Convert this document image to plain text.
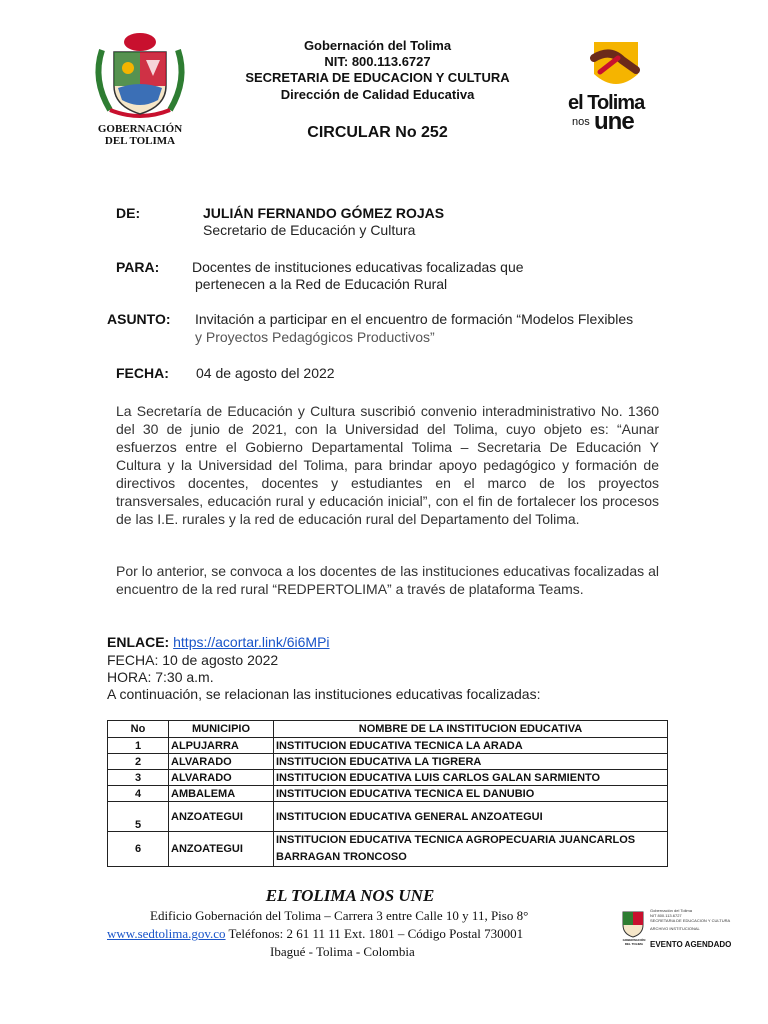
GOBERNACIÓN
DEL TOLIMA
Gobernación del Tolima
NIT: 800.113.6727
SECRETARIA DE EDUCACION Y CULTURA
Dirección de Calidad Educativa
CIRCULAR No 252
el Tolima
nos une
DE:	JULIÁN FERNANDO GÓMEZ ROJAS
Secretario de Educación y Cultura
PARA: Docentes de instituciones educativas focalizadas que
pertenecen a la Red de Educación Rural
ASUNTO: Invitación a participar en el encuentro de formación “Modelos Flexibles
y Proyectos Pedagógicos Productivos”
FECHA: 04 de agosto del 2022
La Secretaría de Educación y Cultura suscribió convenio interadministrativo No. 1360 del 30 de junio de 2021, con la Universidad del Tolima, cuyo objeto es: “Aunar esfuerzos entre el Gobierno Departamental Tolima – Secretaria De Educación Y Cultura y la Universidad del Tolima, para brindar apoyo pedagógico y formación de directivos docentes, docentes y estudiantes en el marco de los proyectos transversales, educación rural y educación inicial”, con el fin de fortalecer los procesos de las I.E. rurales y la red de educación rural del Departamento del Tolima.
Por lo anterior, se convoca a los docentes de las instituciones educativas focalizadas al encuentro de la red rural “REDPERTOLIMA” a través de plataforma Teams.
ENLACE: https://acortar.link/6i6MPi
FECHA: 10 de agosto 2022
HORA: 7:30 a.m.
A continuación, se relacionan las instituciones educativas focalizadas:
No	MUNICIPIO	NOMBRE DE LA INSTITUCION EDUCATIVA
1	ALPUJARRA	INSTITUCION EDUCATIVA TECNICA LA ARADA
2	ALVARADO	INSTITUCION EDUCATIVA LA TIGRERA
3	ALVARADO	INSTITUCION EDUCATIVA LUIS CARLOS GALAN SARMIENTO
4	AMBALEMA	INSTITUCION EDUCATIVA TECNICA EL DANUBIO
5	ANZOATEGUI	INSTITUCION EDUCATIVA GENERAL ANZOATEGUI
6	ANZOATEGUI	INSTITUCION EDUCATIVA TECNICA AGROPECUARIA JUANCARLOS BARRAGAN TRONCOSO
EL TOLIMA NOS UNE
Edificio Gobernación del Tolima – Carrera 3 entre Calle 10 y 11, Piso 8°
www.sedtolima.gov.co Teléfonos: 2 61 11 11 Ext. 1801 – Código Postal 730001
Ibagué - Tolima - Colombia
GOBERNACIÓN DEL TOLIMA
Gobernación del Tolima
NIT 800.113.6727
SECRETARIA DE EDUCACION Y CULTURA
ARCHIVO INSTITUCIONAL
EVENTO AGENDADO
